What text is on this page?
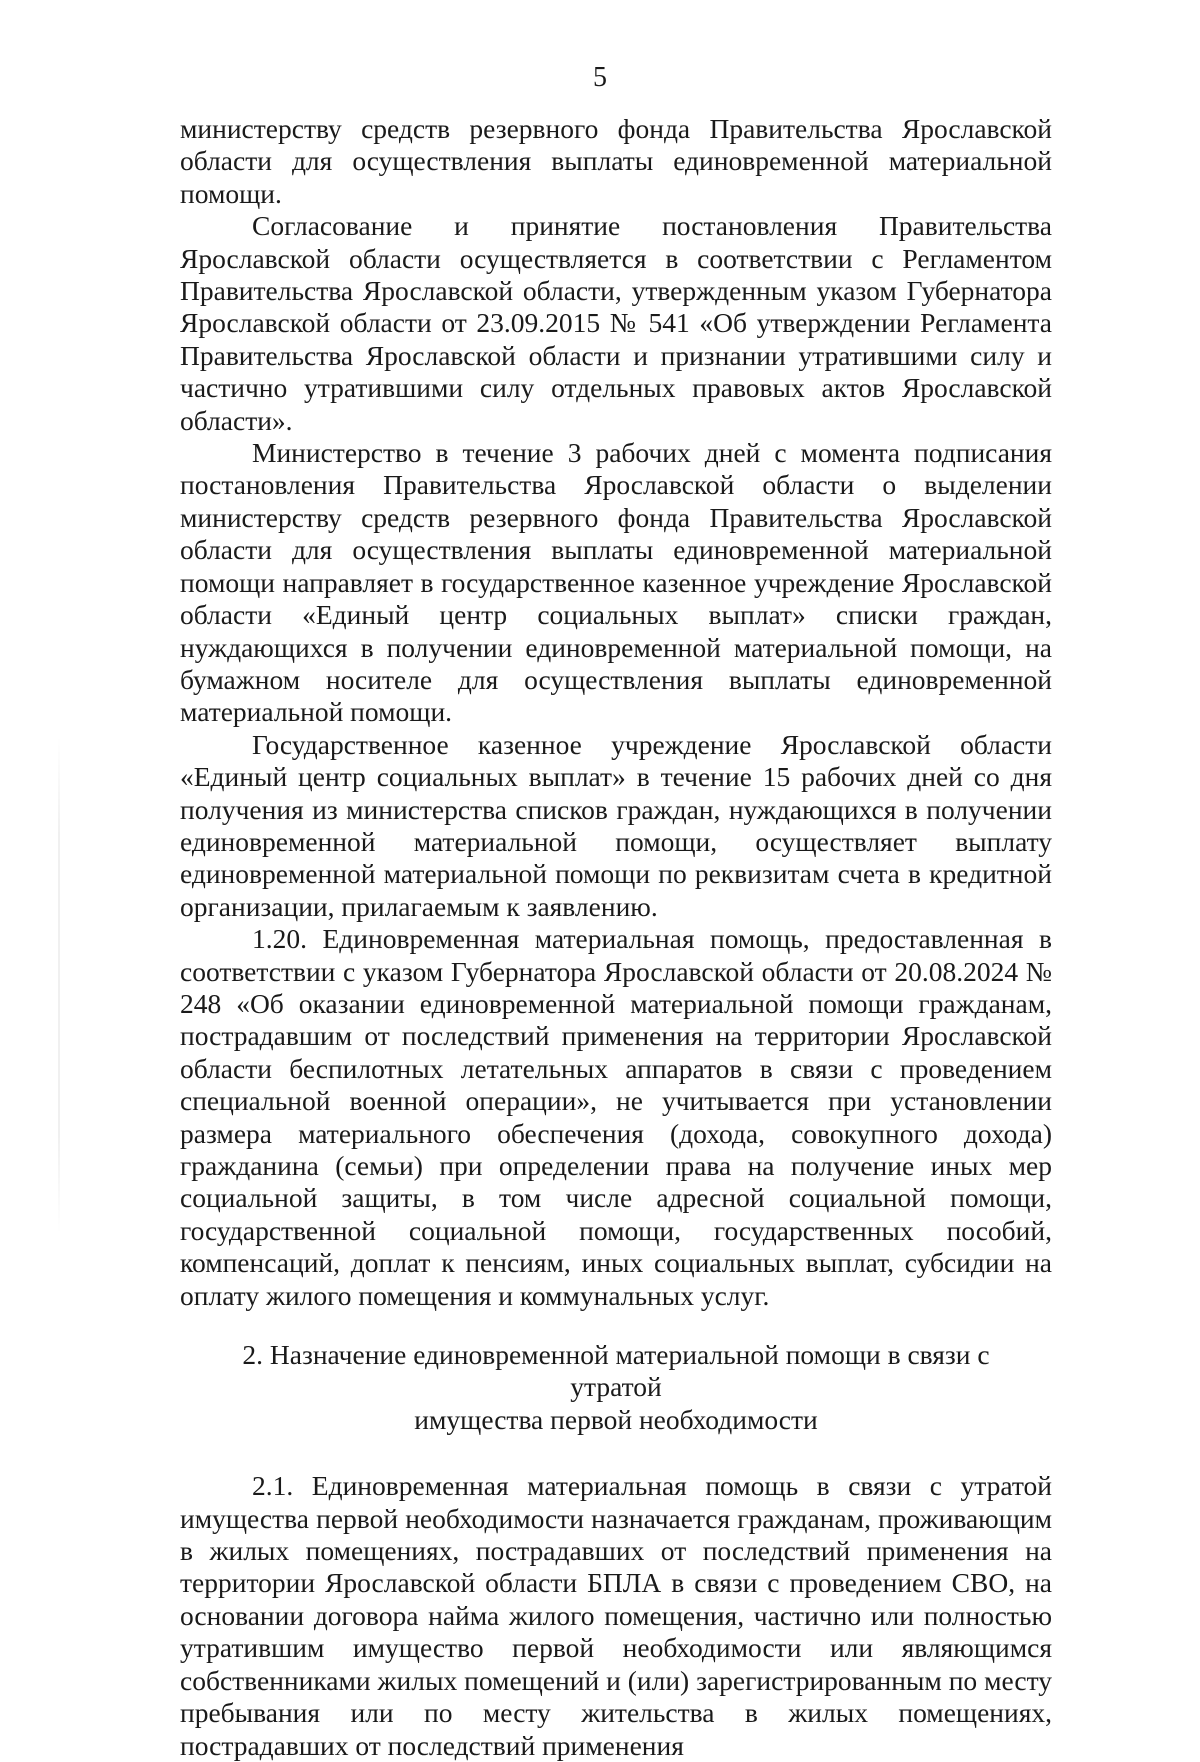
5

министерству средств резервного фонда Правительства Ярославской области для осуществления выплаты единовременной материальной помощи.

Согласование и принятие постановления Правительства Ярославской области осуществляется в соответствии с Регламентом Правительства Ярославской области, утвержденным указом Губернатора Ярославской области от 23.09.2015 № 541 «Об утверждении Регламента Правительства Ярославской области и признании утратившими силу и частично утратившими силу отдельных правовых актов Ярославской области».

Министерство в течение 3 рабочих дней с момента подписания постановления Правительства Ярославской области о выделении министерству средств резервного фонда Правительства Ярославской области для осуществления выплаты единовременной материальной помощи направляет в государственное казенное учреждение Ярославской области «Единый центр социальных выплат» списки граждан, нуждающихся в получении единовременной материальной помощи, на бумажном носителе для осуществления выплаты единовременной материальной помощи.

Государственное казенное учреждение Ярославской области «Единый центр социальных выплат» в течение 15 рабочих дней со дня получения из министерства списков граждан, нуждающихся в получении единовременной материальной помощи, осуществляет выплату единовременной материальной помощи по реквизитам счета в кредитной организации, прилагаемым к заявлению.

1.20. Единовременная материальная помощь, предоставленная в соответствии с указом Губернатора Ярославской области от 20.08.2024 № 248 «Об оказании единовременной материальной помощи гражданам, пострадавшим от последствий применения на территории Ярославской области беспилотных летательных аппаратов в связи с проведением специальной военной операции», не учитывается при установлении размера материального обеспечения (дохода, совокупного дохода) гражданина (семьи) при определении права на получение иных мер социальной защиты, в том числе адресной социальной помощи, государственной социальной помощи, государственных пособий, компенсаций, доплат к пенсиям, иных социальных выплат, субсидии на оплату жилого помещения и коммунальных услуг.

2. Назначение единовременной материальной помощи в связи с утратой
имущества первой необходимости

2.1. Единовременная материальная помощь в связи с утратой имущества первой необходимости назначается гражданам, проживающим в жилых помещениях, пострадавших от последствий применения на территории Ярославской области БПЛА в связи с проведением СВО, на основании договора найма жилого помещения, частично или полностью утратившим имущество первой необходимости или являющимся собственниками жилых помещений и (или) зарегистрированным по месту пребывания или по месту жительства в жилых помещениях, пострадавших от последствий применения
